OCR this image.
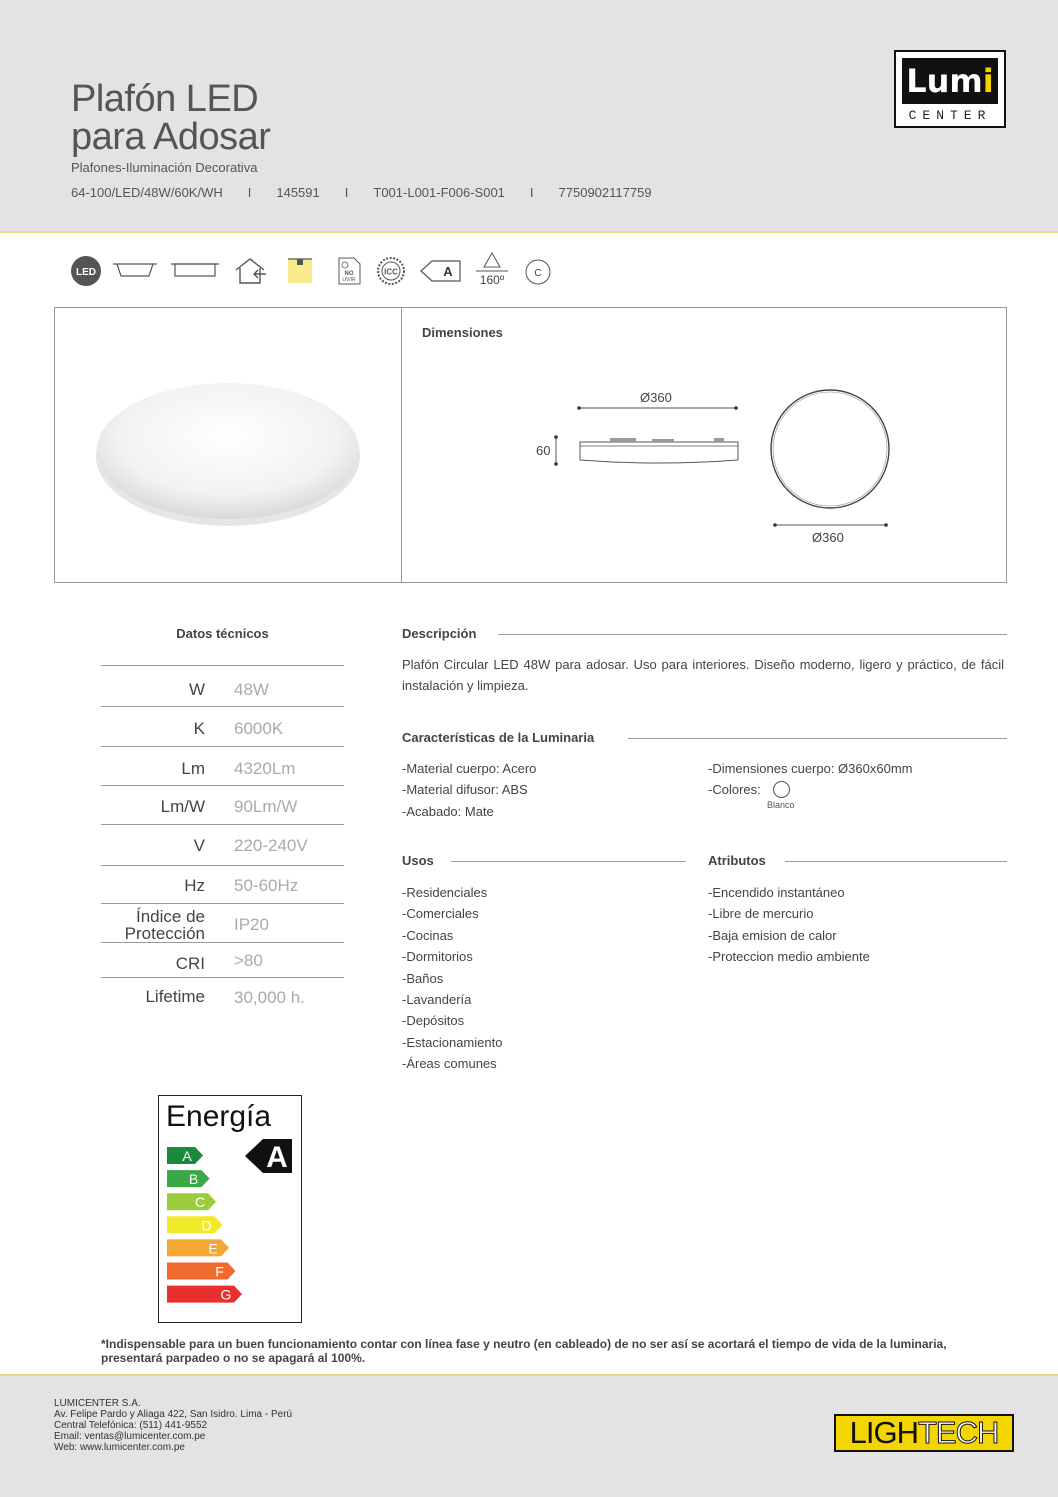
Plafón LED
para Adosar
Plafones-Iluminación Decorativa
64-100/LED/48W/60K/WH I 145591 I T001-L001-F006-S001 I 7750902117759
Lumi
CENTER
LED	NO
UV/IR
ICC	A
160º	C
Dimensiones
Ø360
60
Ø360
Datos técnicos
W 48W
K 6000K
Lm 4320Lm
Lm/W 90Lm/W
V 220-240V
Hz 50-60Hz
Índice de
Protección IP20
CRI >80
Lifetime 30,000 h.
Descripción
Plafón Circular LED 48W para adosar. Uso para interiores. Diseño moderno, ligero y práctico, de fácil instalación y limpieza.
Características de la Luminaria
-Material cuerpo: Acero
-Material difusor: ABS
-Acabado: Mate
-Dimensiones cuerpo: Ø360x60mm
-Colores:
Blanco
Usos
-Residenciales
-Comerciales
-Cocinas
-Dormitorios
-Baños
-Lavandería
-Depósitos
-Estacionamiento
-Áreas comunes
Atributos
-Encendido instantáneo
-Libre de mercurio
-Baja emision de calor
-Proteccion medio ambiente
Energía
A
B
C
D
E
F
G
A
*Indispensable para un buen funcionamiento contar con línea fase y neutro (en cableado) de no ser así se acortará el tiempo de vida de la luminaria,
presentará parpadeo o no se apagará al 100%.
LUMICENTER S.A.
Av. Felipe Pardo y Aliaga 422, San Isidro. Lima - Perú
Central Telefónica: (511) 441-9552
Email: ventas@lumicenter.com.pe
Web: www.lumicenter.com.pe	LIGHTECH
